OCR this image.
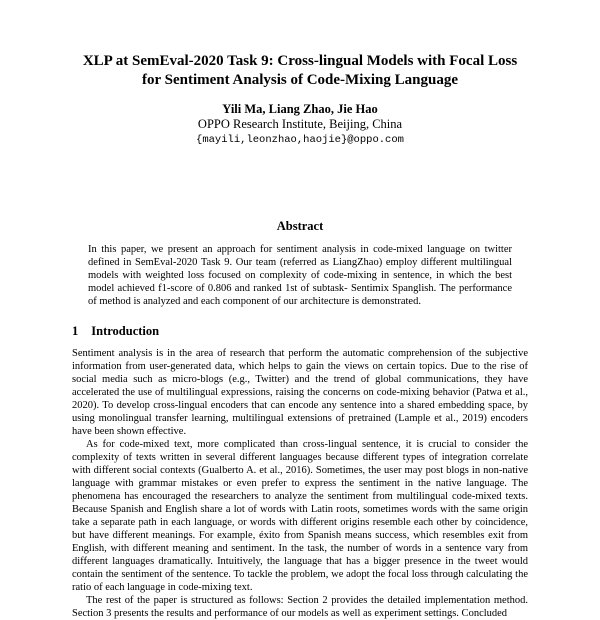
XLP at SemEval-2020 Task 9: Cross-lingual Models with Focal Loss for Sentiment Analysis of Code-Mixing Language
Yili Ma, Liang Zhao, Jie Hao
OPPO Research Institute, Beijing, China
{mayili,leonzhao,haojie}@oppo.com
Abstract

In this paper, we present an approach for sentiment analysis in code-mixed language on twitter defined in SemEval-2020 Task 9. Our team (referred as LiangZhao) employ different multilingual models with weighted loss focused on complexity of code-mixing in sentence, in which the best model achieved f1-score of 0.806 and ranked 1st of subtask- Sentimix Spanglish. The performance of method is analyzed and each component of our architecture is demonstrated.

1 Introduction

Sentiment analysis is in the area of research that perform the automatic comprehension of the subjective information from user-generated data, which helps to gain the views on certain topics. Due to the rise of social media such as micro-blogs (e.g., Twitter) and the trend of global communications, they have accelerated the use of multilingual expressions, raising the concerns on code-mixing behavior (Patwa et al., 2020). To develop cross-lingual encoders that can encode any sentence into a shared embedding space, by using monolingual transfer learning, multilingual extensions of pretrained (Lample et al., 2019) encoders have been shown effective.

As for code-mixed text, more complicated than cross-lingual sentence, it is crucial to consider the complexity of texts written in several different languages because different types of integration correlate with different social contexts (Gualberto A. et al., 2016). Sometimes, the user may post blogs in non-native language with grammar mistakes or even prefer to express the sentiment in the native language. The phenomena has encouraged the researchers to analyze the sentiment from multilingual code-mixed texts. Because Spanish and English share a lot of words with Latin roots, sometimes words with the same origin take a separate path in each language, or words with different origins resemble each other by coincidence, but have different meanings. For example, éxito from Spanish means success, which resembles exit from English, with different meaning and sentiment. In the task, the number of words in a sentence vary from different languages dramatically. Intuitively, the language that has a bigger presence in the tweet would contain the sentiment of the sentence. To tackle the problem, we adopt the focal loss through calculating the ratio of each language in code-mixing text.

The rest of the paper is structured as follows: Section 2 provides the detailed implementation method. Section 3 presents the results and performance of our models as well as experiment settings. Concluded
